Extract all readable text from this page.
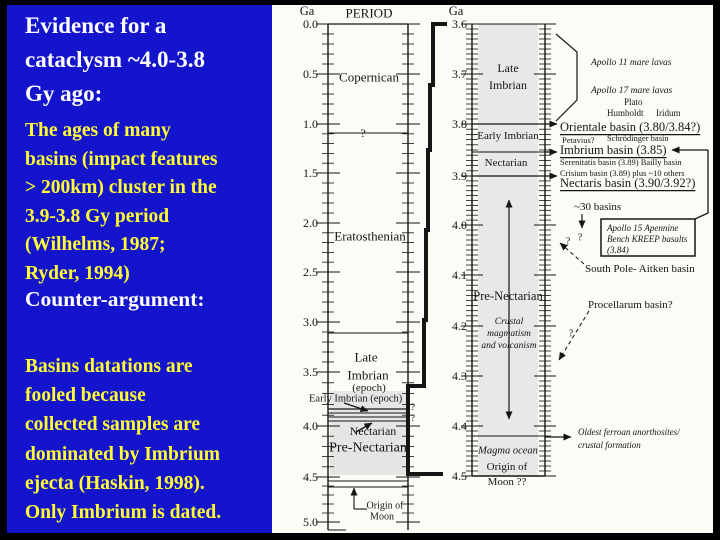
Evidence for a
cataclysm ~4.0-3.8
Gy ago:
The ages of many
basins (impact features
> 200km) cluster in the
3.9-3.8 Gy period
(Wilhelms, 1987;
Ryder, 1994)
Counter-argument:
Basins datations are
fooled because
collected samples are
dominated by Imbrium
ejecta (Haskin, 1998).
Only Imbrium is dated.
0.0
0.5
1.0
1.5
2.0
2.5
3.0
3.5
4.0
4.5
5.0
3.6
3.7
3.8
3.9
4.0
4.1
4.2
4.3
4.4
4.5
Ga PERIOD
Copernican
?
Eratosthenian
Late
Imbrian
(epoch)
Early Imbrian (epoch)
?
?
Nectarian
Pre-Nectarian
Origin of
Moon
Ga
Late
Imbrian
Early Imbrian
Nectarian
Pre-Nectarian
Crustal
magmatism
and volcanism
Magma ocean
Origin of
Moon ??
Apollo 11 mare lavas
Apollo 17 mare lavas
Plato
Humboldt Iridum
Orientale basin (3.80/3.84?)
Petavius? Schrödinger basin
Imbrium basin (3.85)
Serenitatis basin (3.89) Bailly basin
Crisium basin (3.89) plus ~10 others
Nectaris basin (3.90/3.92?)
~30 basins
?
Apollo 15 Apennine
Bench KREEP basalts
(3.84)
?
South Pole- Aitken basin
Procellarum basin?
?
Oldest ferroan anorthosites/
crustal formation
